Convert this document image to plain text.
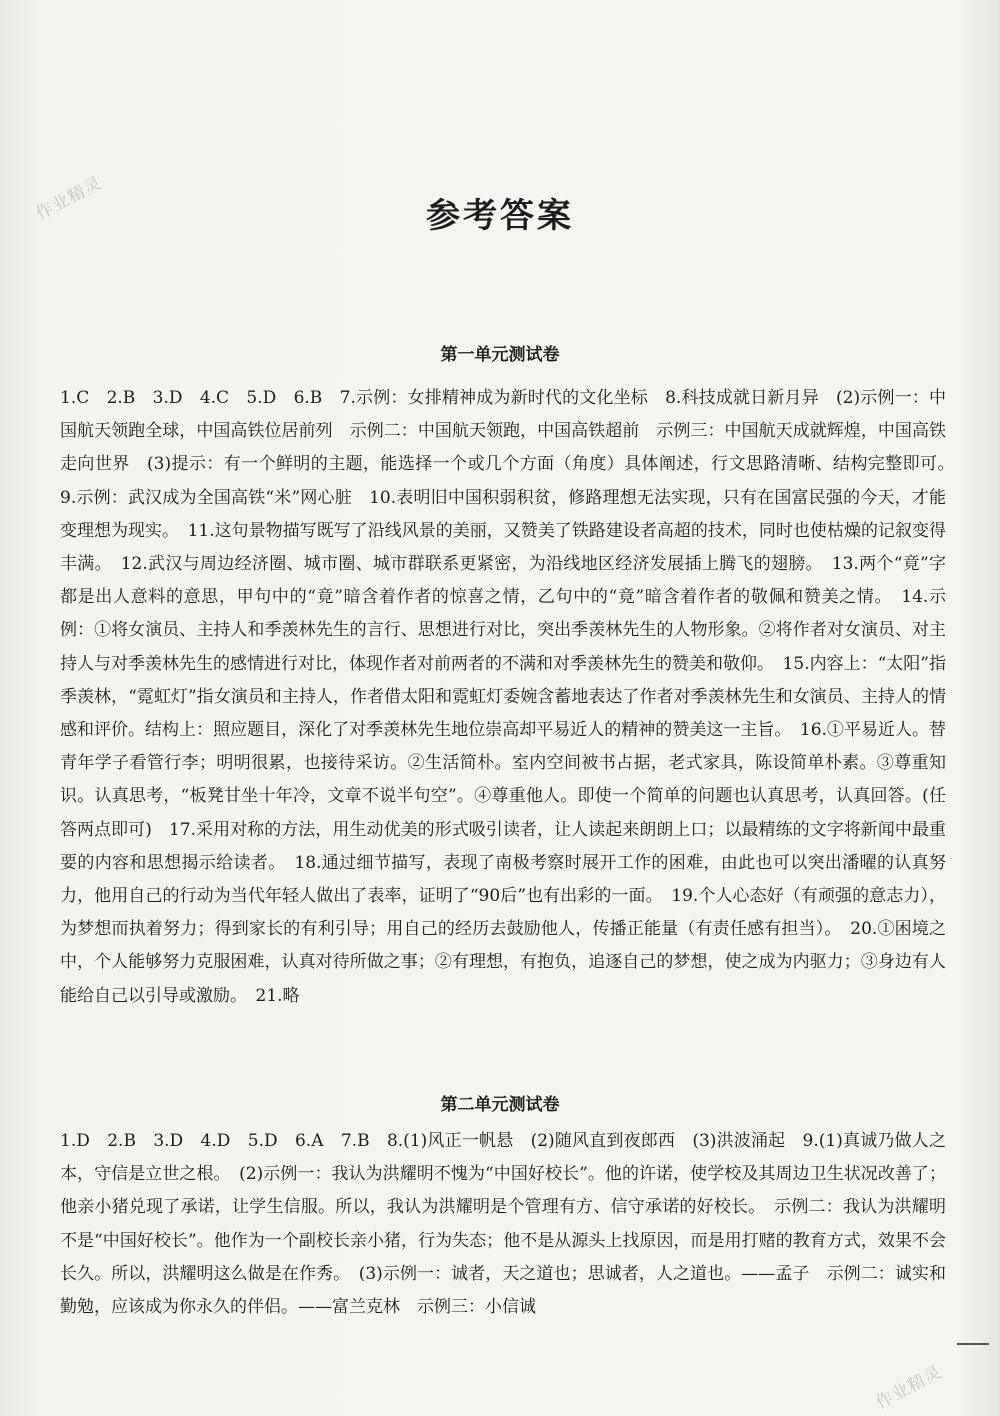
作业精灵	参考答案
第一单元测试卷
1.C　2.B　3.D　4.C　5.D　6.B　7.示例：女排精神成为新时代的文化坐标　8.科技成就日新月异　(2)示例一：中国航天领跑全球，中国高铁位居前列　示例二：中国航天领跑，中国高铁超前　示例三：中国航天成就辉煌，中国高铁走向世界　(3)提示：有一个鲜明的主题，能选择一个或几个方面（角度）具体阐述，行文思路清晰、结构完整即可。　9.示例：武汉成为全国高铁“米”网心脏　10.表明旧中国积弱积贫，修路理想无法实现，只有在国富民强的今天，才能变理想为现实。　11.这句景物描写既写了沿线风景的美丽，又赞美了铁路建设者高超的技术，同时也使枯燥的记叙变得丰满。　12.武汉与周边经济圈、城市圈、城市群联系更紧密，为沿线地区经济发展插上腾飞的翅膀。　13.两个“竟”字都是出人意料的意思，甲句中的“竟”暗含着作者的惊喜之情，乙句中的“竟”暗含着作者的敬佩和赞美之情。　14.示例：①将女演员、主持人和季羡林先生的言行、思想进行对比，突出季羡林先生的人物形象。②将作者对女演员、对主持人与对季羡林先生的感情进行对比，体现作者对前两者的不满和对季羡林先生的赞美和敬仰。　15.内容上：“太阳”指季羡林，“霓虹灯”指女演员和主持人，作者借太阳和霓虹灯委婉含蓄地表达了作者对季羡林先生和女演员、主持人的情感和评价。结构上：照应题目，深化了对季羡林先生地位崇高却平易近人的精神的赞美这一主旨。　16.①平易近人。替青年学子看管行李；明明很累，也接待采访。②生活简朴。室内空间被书占据，老式家具，陈设简单朴素。③尊重知识。认真思考，“板凳甘坐十年冷，文章不说半句空”。④尊重他人。即使一个简单的问题也认真思考，认真回答。(任答两点即可)　17.采用对称的方法，用生动优美的形式吸引读者，让人读起来朗朗上口；以最精练的文字将新闻中最重要的内容和思想揭示给读者。　18.通过细节描写，表现了南极考察时展开工作的困难，由此也可以突出潘曜的认真努力，他用自己的行动为当代年轻人做出了表率，证明了“90后”也有出彩的一面。　19.个人心态好（有顽强的意志力），为梦想而执着努力；得到家长的有利引导；用自己的经历去鼓励他人，传播正能量（有责任感有担当）。　20.①困境之中，个人能够努力克服困难，认真对待所做之事；②有理想，有抱负，追逐自己的梦想，使之成为内驱力；③身边有人能给自己以引导或激励。　21.略
第二单元测试卷
1.D　2.B　3.D　4.D　5.D　6.A　7.B　8.(1)风正一帆悬　(2)随风直到夜郎西　(3)洪波涌起　9.(1)真诚乃做人之本，守信是立世之根。　(2)示例一：我认为洪耀明不愧为“中国好校长”。他的许诺，使学校及其周边卫生状况改善了；他亲小猪兑现了承诺，让学生信服。所以，我认为洪耀明是个管理有方、信守承诺的好校长。　示例二：我认为洪耀明不是“中国好校长”。他作为一个副校长亲小猪，行为失态；他不是从源头上找原因，而是用打赌的教育方式，效果不会长久。所以，洪耀明这么做是在作秀。　(3)示例一：诚者，天之道也；思诚者，人之道也。——孟子　示例二：诚实和勤勉，应该成为你永久的伴侣。——富兰克林　示例三：小信诚
作业精灵
